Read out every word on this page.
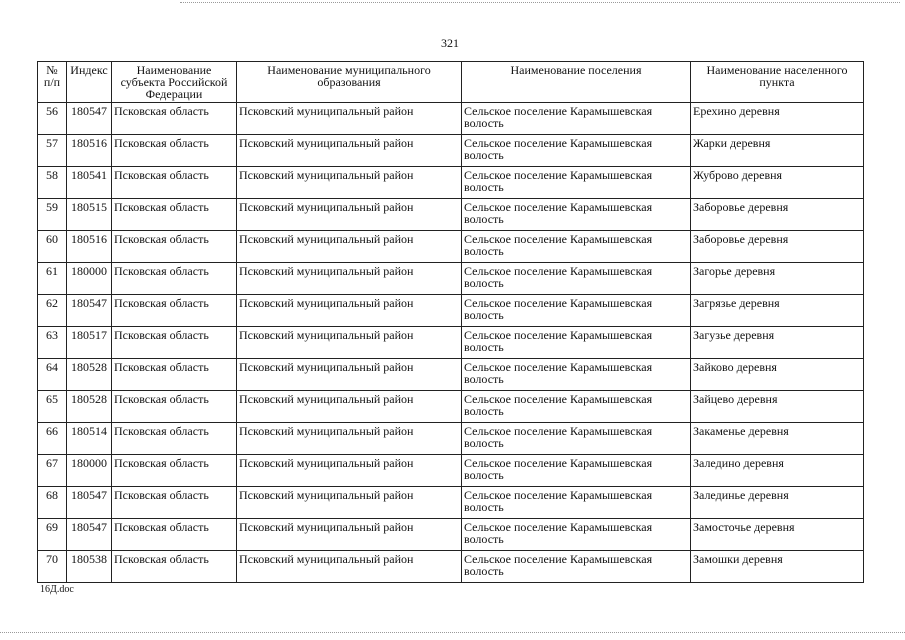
321
№ п/п	Индекс	Наименование субъекта Российской Федерации	Наименование муниципального образования	Наименование поселения	Наименование населенного пункта
56	180547	Псковская область	Псковский муниципальный район	Сельское поселение Карамышевская волость	Ерехино деревня
57	180516	Псковская область	Псковский муниципальный район	Сельское поселение Карамышевская волость	Жарки деревня
58	180541	Псковская область	Псковский муниципальный район	Сельское поселение Карамышевская волость	Жуброво деревня
59	180515	Псковская область	Псковский муниципальный район	Сельское поселение Карамышевская волость	Заборовье деревня
60	180516	Псковская область	Псковский муниципальный район	Сельское поселение Карамышевская волость	Заборовье деревня
61	180000	Псковская область	Псковский муниципальный район	Сельское поселение Карамышевская волость	Загорье деревня
62	180547	Псковская область	Псковский муниципальный район	Сельское поселение Карамышевская волость	Загрязье деревня
63	180517	Псковская область	Псковский муниципальный район	Сельское поселение Карамышевская волость	Загузье деревня
64	180528	Псковская область	Псковский муниципальный район	Сельское поселение Карамышевская волость	Зайково деревня
65	180528	Псковская область	Псковский муниципальный район	Сельское поселение Карамышевская волость	Зайцево деревня
66	180514	Псковская область	Псковский муниципальный район	Сельское поселение Карамышевская волость	Закаменье деревня
67	180000	Псковская область	Псковский муниципальный район	Сельское поселение Карамышевская волость	Заледино деревня
68	180547	Псковская область	Псковский муниципальный район	Сельское поселение Карамышевская волость	Залединье деревня
69	180547	Псковская область	Псковский муниципальный район	Сельское поселение Карамышевская волость	Замосточье деревня
70	180538	Псковская область	Псковский муниципальный район	Сельское поселение Карамышевская волость	Замошки деревня
16Д.doc
